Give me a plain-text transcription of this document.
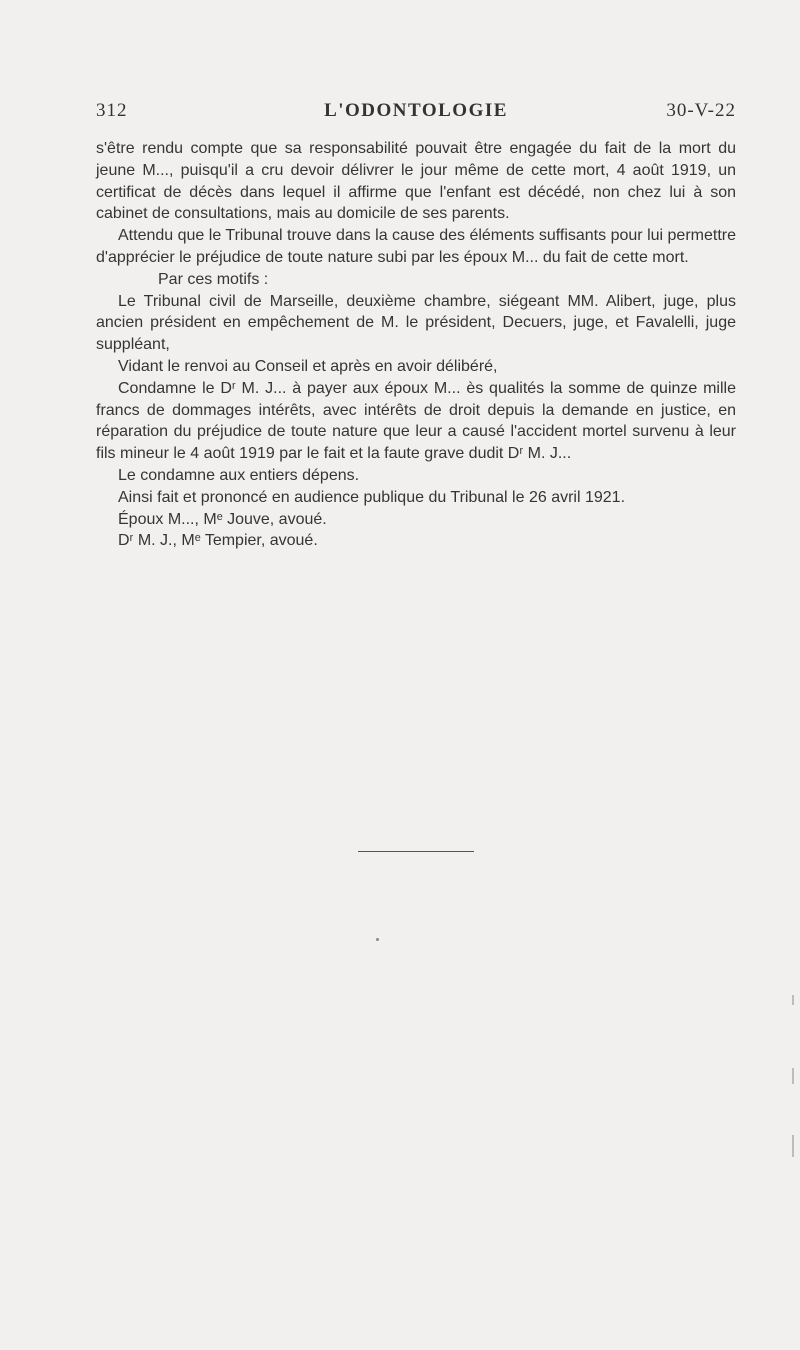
312	L'ODONTOLOGIE	30-V-22

s'être rendu compte que sa responsabilité pouvait être engagée du fait de la mort du jeune M..., puisqu'il a cru devoir délivrer le jour même de cette mort, 4 août 1919, un certificat de décès dans lequel il affirme que l'enfant est décédé, non chez lui à son cabinet de consultations, mais au domicile de ses parents.

Attendu que le Tribunal trouve dans la cause des éléments suffisants pour lui permettre d'apprécier le préjudice de toute nature subi par les époux M... du fait de cette mort.

Par ces motifs :

Le Tribunal civil de Marseille, deuxième chambre, siégeant MM. Alibert, juge, plus ancien président en empêchement de M. le président, Decuers, juge, et Favalelli, juge suppléant,

Vidant le renvoi au Conseil et après en avoir délibéré,

Condamne le Dʳ M. J... à payer aux époux M... ès qualités la somme de quinze mille francs de dommages intérêts, avec intérêts de droit depuis la demande en justice, en réparation du préjudice de toute nature que leur a causé l'accident mortel survenu à leur fils mineur le 4 août 1919 par le fait et la faute grave dudit Dʳ M. J...

Le condamne aux entiers dépens.

Ainsi fait et prononcé en audience publique du Tribunal le 26 avril 1921.

Époux M..., Mᵉ Jouve, avoué.

Dʳ M. J., Mᵉ Tempier, avoué.
